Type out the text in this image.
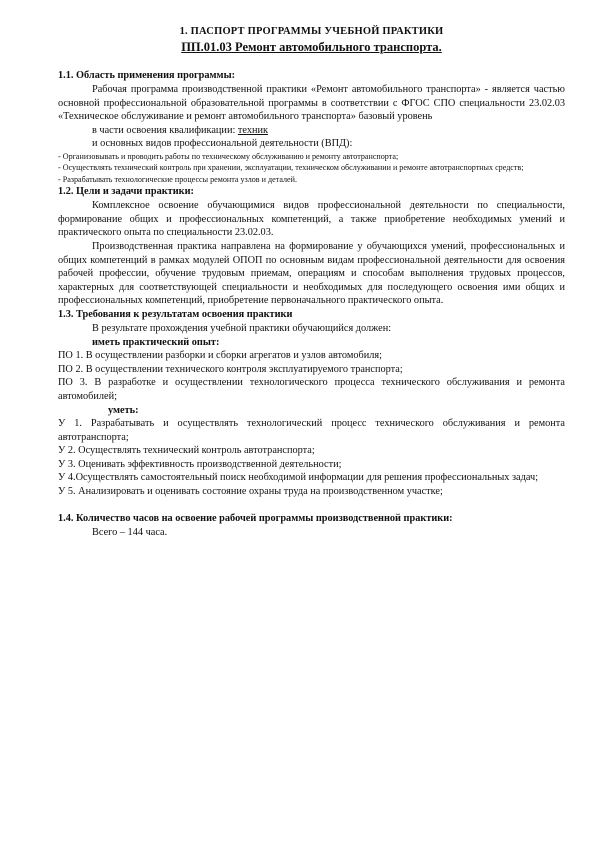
1. ПАСПОРТ ПРОГРАММЫ УЧЕБНОЙ ПРАКТИКИ
ПП.01.03 Ремонт автомобильного транспорта.

1.1. Область применения программы:

Рабочая программа производственной практики «Ремонт автомобильного транспорта» - является частью основной профессиональной образовательной программы в соответствии с ФГОС СПО специальности 23.02.03 «Техническое обслуживание и ремонт автомобильного транспорта» базовый уровень

в части освоения квалификации: техник

и основных видов профессиональной деятельности (ВПД):

- Организовывать и проводить работы по техническому обслуживанию и ремонту автотранспорта;

- Осуществлять технический контроль при хранении, эксплуатации, техническом обслуживании и ремонте автотранспортных средств;

- Разрабатывать технологические процессы ремонта узлов и деталей.

1.2. Цели и задачи практики:

Комплексное освоение обучающимися видов профессиональной деятельности по специальности, формирование общих и профессиональных компетенций, а также приобретение необходимых умений и практического опыта по специальности 23.02.03.

Производственная практика направлена на формирование у обучающихся умений, профессиональных и общих компетенций в рамках модулей ОПОП по основным видам профессиональной деятельности для освоения рабочей профессии, обучение трудовым приемам, операциям и способам выполнения трудовых процессов, характерных для соответствующей специальности и необходимых для последующего освоения ими общих и профессиональных компетенций, приобретение первоначального практического опыта.

1.3. Требования к результатам освоения практики

В результате прохождения учебной практики обучающийся должен:

иметь практический опыт:

ПО 1. В осуществлении разборки и сборки агрегатов и узлов автомобиля;

ПО 2. В осуществлении технического контроля эксплуатируемого транспорта;

ПО 3. В разработке и осуществлении технологического процесса технического обслуживания и ремонта автомобилей;

уметь:

У 1. Разрабатывать и осуществлять технологический процесс технического обслуживания и ремонта автотранспорта;

У 2. Осуществлять технический контроль автотранспорта;

У 3. Оценивать эффективность производственной деятельности;

У 4.Осуществлять самостоятельный поиск необходимой информации для решения профессиональных задач;

У 5. Анализировать и оценивать состояние охраны труда на производственном участке;

1.4. Количество часов на освоение рабочей программы производственной практики:

Всего – 144 часа.
